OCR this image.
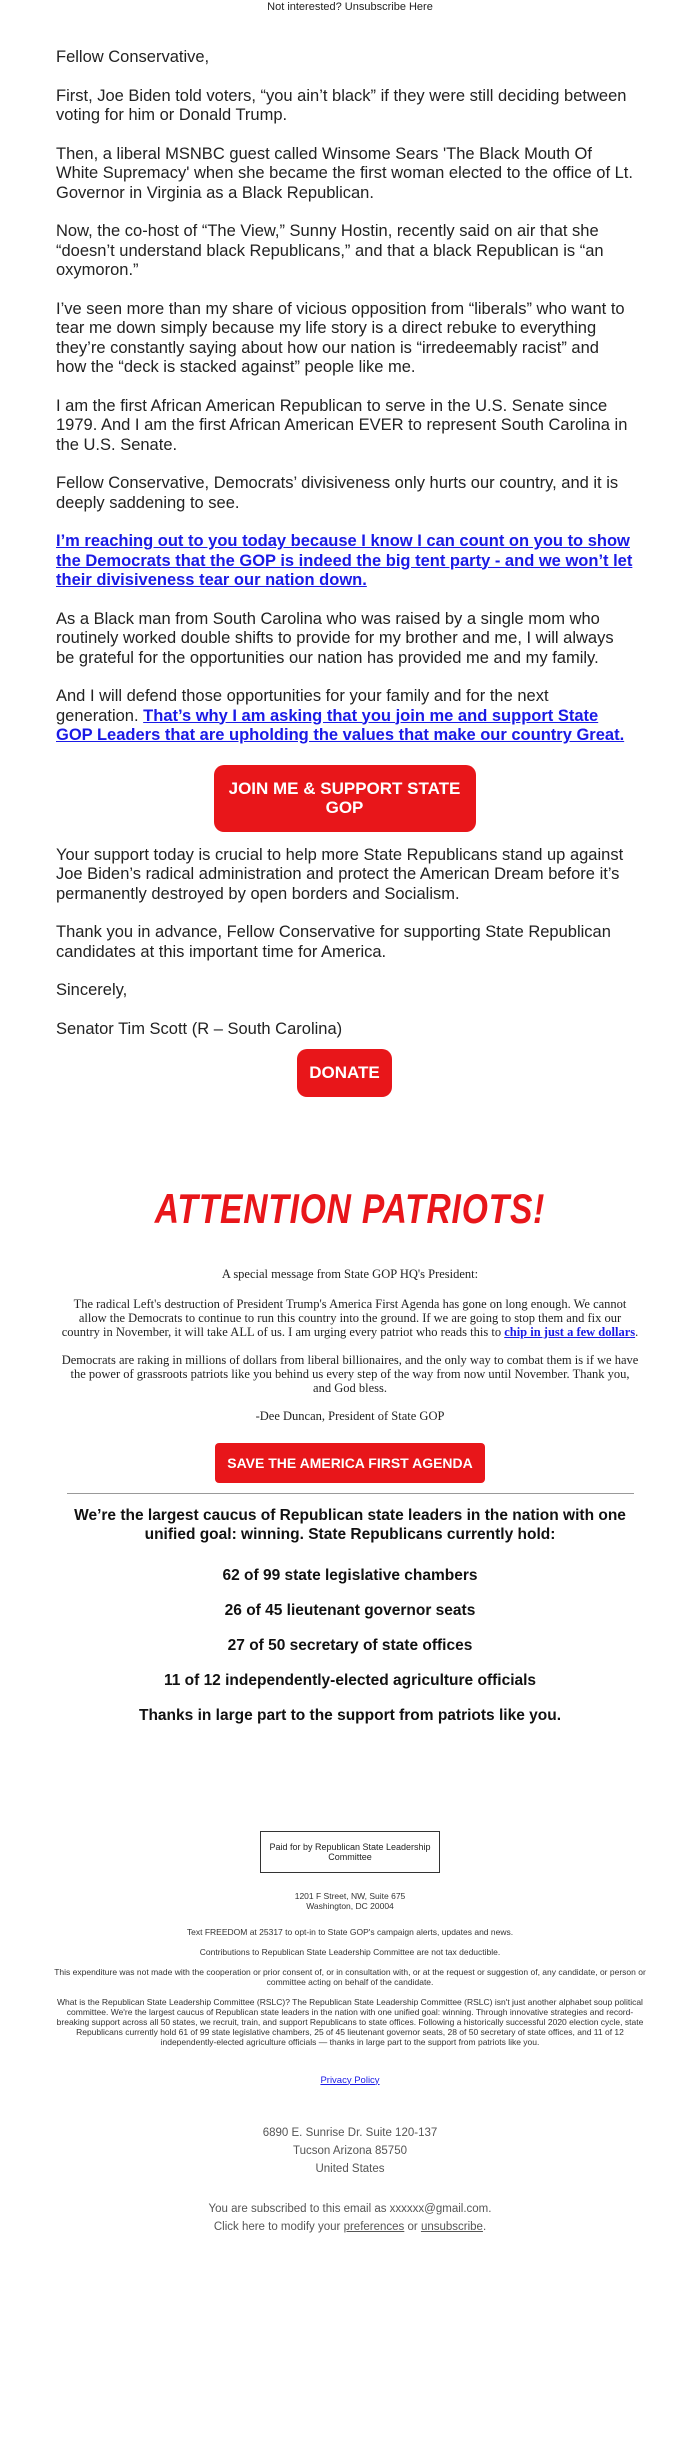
Not interested? Unsubscribe Here

Fellow Conservative,

First, Joe Biden told voters, “you ain’t black” if they were still deciding between voting for him or Donald Trump.

Then, a liberal MSNBC guest called Winsome Sears 'The Black Mouth Of White Supremacy' when she became the first woman elected to the office of Lt. Governor in Virginia as a Black Republican.

Now, the co-host of “The View,” Sunny Hostin, recently said on air that she “doesn’t understand black Republicans,” and that a black Republican is “an oxymoron.”

I’ve seen more than my share of vicious opposition from “liberals” who want to tear me down simply because my life story is a direct rebuke to everything they’re constantly saying about how our nation is “irredeemably racist” and how the “deck is stacked against” people like me.

I am the first African American Republican to serve in the U.S. Senate since 1979. And I am the first African American EVER to represent South Carolina in the U.S. Senate.

Fellow Conservative, Democrats’ divisiveness only hurts our country, and it is deeply saddening to see.

I’m reaching out to you today because I know I can count on you to show the Democrats that the GOP is indeed the big tent party - and we won’t let their divisiveness tear our nation down.

As a Black man from South Carolina who was raised by a single mom who routinely worked double shifts to provide for my brother and me, I will always be grateful for the opportunities our nation has provided me and my family.

And I will defend those opportunities for your family and for the next generation. That’s why I am asking that you join me and support State GOP Leaders that are upholding the values that make our country Great.

JOIN ME & SUPPORT STATE GOP

Your support today is crucial to help more State Republicans stand up against Joe Biden’s radical administration and protect the American Dream before it’s permanently destroyed by open borders and Socialism.

Thank you in advance, Fellow Conservative for supporting State Republican candidates at this important time for America.

Sincerely,

Senator Tim Scott (R – South Carolina)

DONATE
ATTENTION PATRIOTS!

A special message from State GOP HQ's President:

The radical Left's destruction of President Trump's America First Agenda has gone on long enough. We cannot allow the Democrats to continue to run this country into the ground. If we are going to stop them and fix our country in November, it will take ALL of us. I am urging every patriot who reads this to chip in just a few dollars.

Democrats are raking in millions of dollars from liberal billionaires, and the only way to combat them is if we have the power of grassroots patriots like you behind us every step of the way from now until November. Thank you, and God bless.

-Dee Duncan, President of State GOP

SAVE THE AMERICA FIRST AGENDA

We’re the largest caucus of Republican state leaders in the nation with one unified goal: winning. State Republicans currently hold:

62 of 99 state legislative chambers

26 of 45 lieutenant governor seats

27 of 50 secretary of state offices

11 of 12 independently-elected agriculture officials

Thanks in large part to the support from patriots like you.

Paid for by Republican State Leadership Committee

1201 F Street, NW, Suite 675
Washington, DC 20004

Text FREEDOM at 25317 to opt-in to State GOP's campaign alerts, updates and news.

Contributions to Republican State Leadership Committee are not tax deductible.

This expenditure was not made with the cooperation or prior consent of, or in consultation with, or at the request or suggestion of, any candidate, or person or committee acting on behalf of the candidate.

What is the Republican State Leadership Committee (RSLC)? The Republican State Leadership Committee (RSLC) isn't just another alphabet soup political committee. We're the largest caucus of Republican state leaders in the nation with one unified goal: winning. Through innovative strategies and record-breaking support across all 50 states, we recruit, train, and support Republicans to state offices. Following a historically successful 2020 election cycle, state Republicans currently hold 61 of 99 state legislative chambers, 25 of 45 lieutenant governor seats, 28 of 50 secretary of state offices, and 11 of 12 independently-elected agriculture officials — thanks in large part to the support from patriots like you.

Privacy Policy

6890 E. Sunrise Dr. Suite 120-137
Tucson Arizona 85750
United States
You are subscribed to this email as xxxxxx@gmail.com.
Click here to modify your preferences or unsubscribe.
